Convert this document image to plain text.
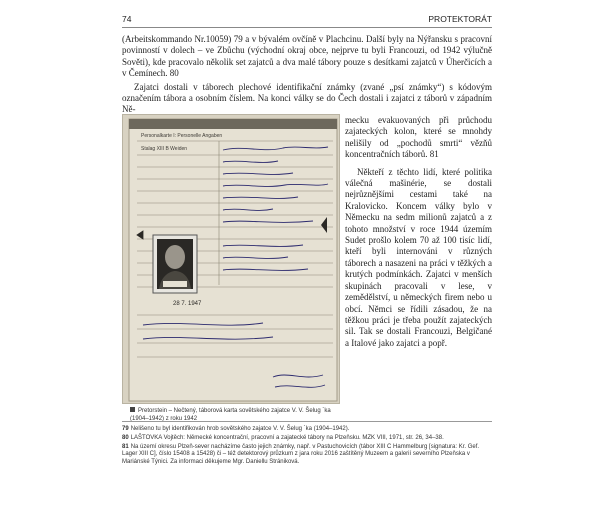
74	PROTEKTORÁT

(Arbeitskommando Nr.10059) 79 a v bývalém ovčíně v Plachcinu. Další byly na Nýřansku s pracovní povinností v dolech – ve Zbůchu (východní okraj obce, nejprve tu byli Francouzi, od 1942 výlučně Sověti), kde pracovalo několik set zajatců a dva malé tábory pouze s desítkami zajatců v Úherčicích a v Čemínech. 80

Zajatci dostali v táborech plechové identifikační známky (zvané „psí známky“) s kódovým označením tábora a osobním číslem. Na konci války se do Čech dostali i zajatci z táborů v západním Ně-

Personalkarte I: Personelle Angaben
Stalag XIII B Weiden
28 7. 1947

mecku evakuovaných při průchodu zajateckých kolon, které se mnohdy nelišily od „pochodů smrti“ vězňů koncentračních táborů. 81

Někteří z těchto lidí, které politika válečná mašinérie, se dostali nejrůznějšími cestami také na Kralovicko. Koncem války bylo v Německu na sedm milionů zajatců a z tohoto množství v roce 1944 územím Sudet prošlo kolem 70 až 100 tisíc lidí, kteří byli internováni v různých táborech a nasazeni na práci v těžkých a krutých podmínkách. Zajatci v menších skupinách pracovali v lese, v zemědělství, u německých firem nebo u obcí. Němci se řídili zásadou, že na těžkou práci je třeba použít zajateckých sil. Tak se dostali Francouzi, Belgičané a Italové jako zajatci a popř.

Pretorstein – Nečtený, táborová karta sovětského zajatce V. V. Šelug ´ka (1904–1942) z roku 1942
79 Nelišeno tu byl identifikován hrob sovětského zajatce V. V. Šelug ´ka (1904–1942).
80 LAŠTOVKA Vojtěch: Německé koncentrační, pracovní a zajatecké tábory na Plzeňsku. MZK VIII, 1971, str. 26, 34–38.
81 Na území okresu Plzeň-sever nacházíme často jejich známky, např. v Pastuchovicích (tábor XIII C Hammelburg [signatura: Kr. Gef. Lager XIII C], číslo 15408 a 15428) či – též detektorový průzkum z jara roku 2016 zaštítěný Muzeem a galerií severního Plzeňska v Mariánské Týnici. Za informaci děkujeme Mgr. Daniellu Strániková.
